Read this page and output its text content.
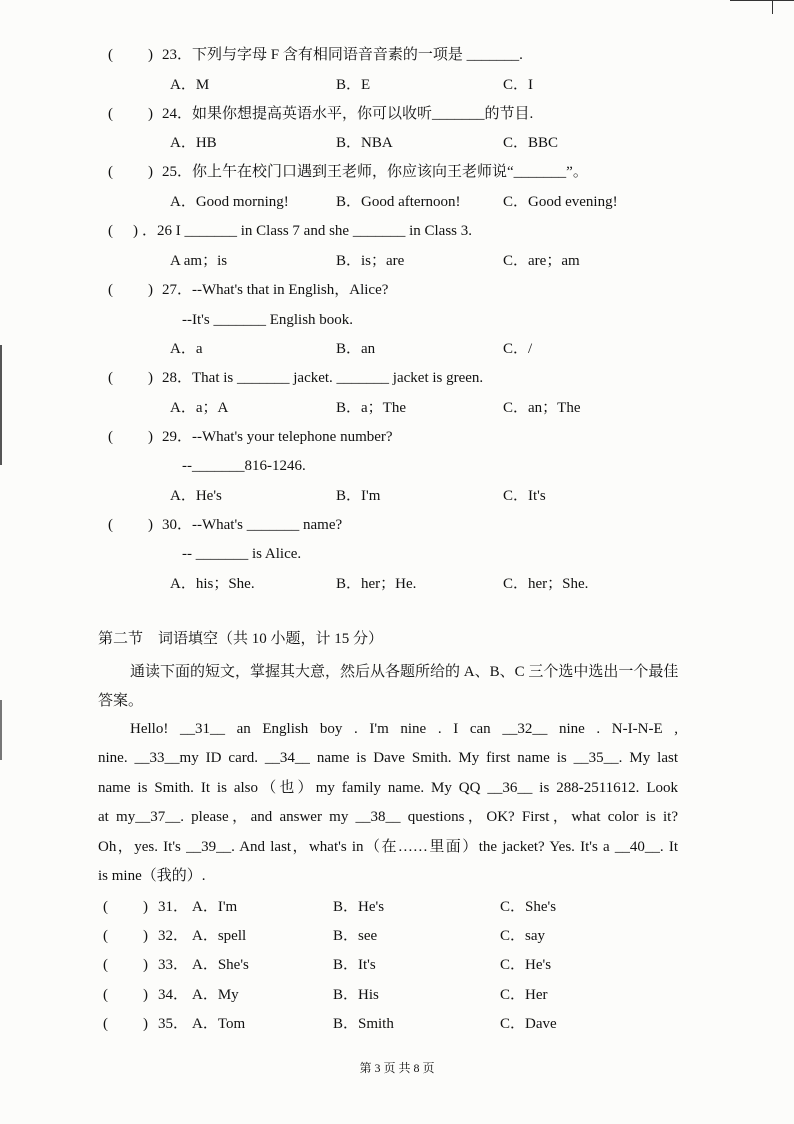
( ) 23．下列与字母 F 含有相同语音音素的一项是 _______.
A．M	B．E	C．I
( ) 24．如果你想提高英语水平，你可以收听_______的节目.
A．HB	B．NBA	C．BBC
( ) 25．你上午在校门口遇到王老师，你应该向王老师说“_______”。
A．Good morning!	B．Good afternoon!	C．Good evening!
( ) ．26 I _______ in Class 7 and she _______ in Class 3.
A am；is	B．is；are	C．are；am
( ) 27．--What's that in English，Alice?
--It's _______ English book.
A．a	B．an	C．/
( ) 28．That is _______ jacket. _______ jacket is green.
A．a；A	B．a；The	C．an；The
( ) 29．--What's your telephone number?
--_______816-1246.
A．He's	B．I'm	C．It's
( ) 30．--What's _______ name?
-- _______ is Alice.
A．his；She.	B．her；He.	C．her；She.
第二节　词语填空（共 10 小题，计 15 分）
通读下面的短文，掌握其大意，然后从各题所给的 A、B、C 三个选中选出一个最佳答案。
Hello! __31__ an English boy . I'm nine . I can __32__ nine . N-I-N-E ,
nine. __33__my ID card. __34__ name is Dave Smith. My first name is __35__. My last
name is Smith. It is also（也）my family name. My QQ __36__ is 288-2511612. Look
at my__37__. please，and answer my __38__ questions，OK? First，what color is it?
Oh，yes. It's __39__. And last，what's in（在……里面）the jacket? Yes. It's a __40__. It
is mine（我的）.
( ) 31． A．I'm	B．He's	C．She's
( ) 32． A．spell	B．see	C．say
( ) 33． A．She's	B．It's	C．He's
( ) 34． A．My	B．His	C．Her
( ) 35． A．Tom	B．Smith	C．Dave
第 3 页 共 8 页
